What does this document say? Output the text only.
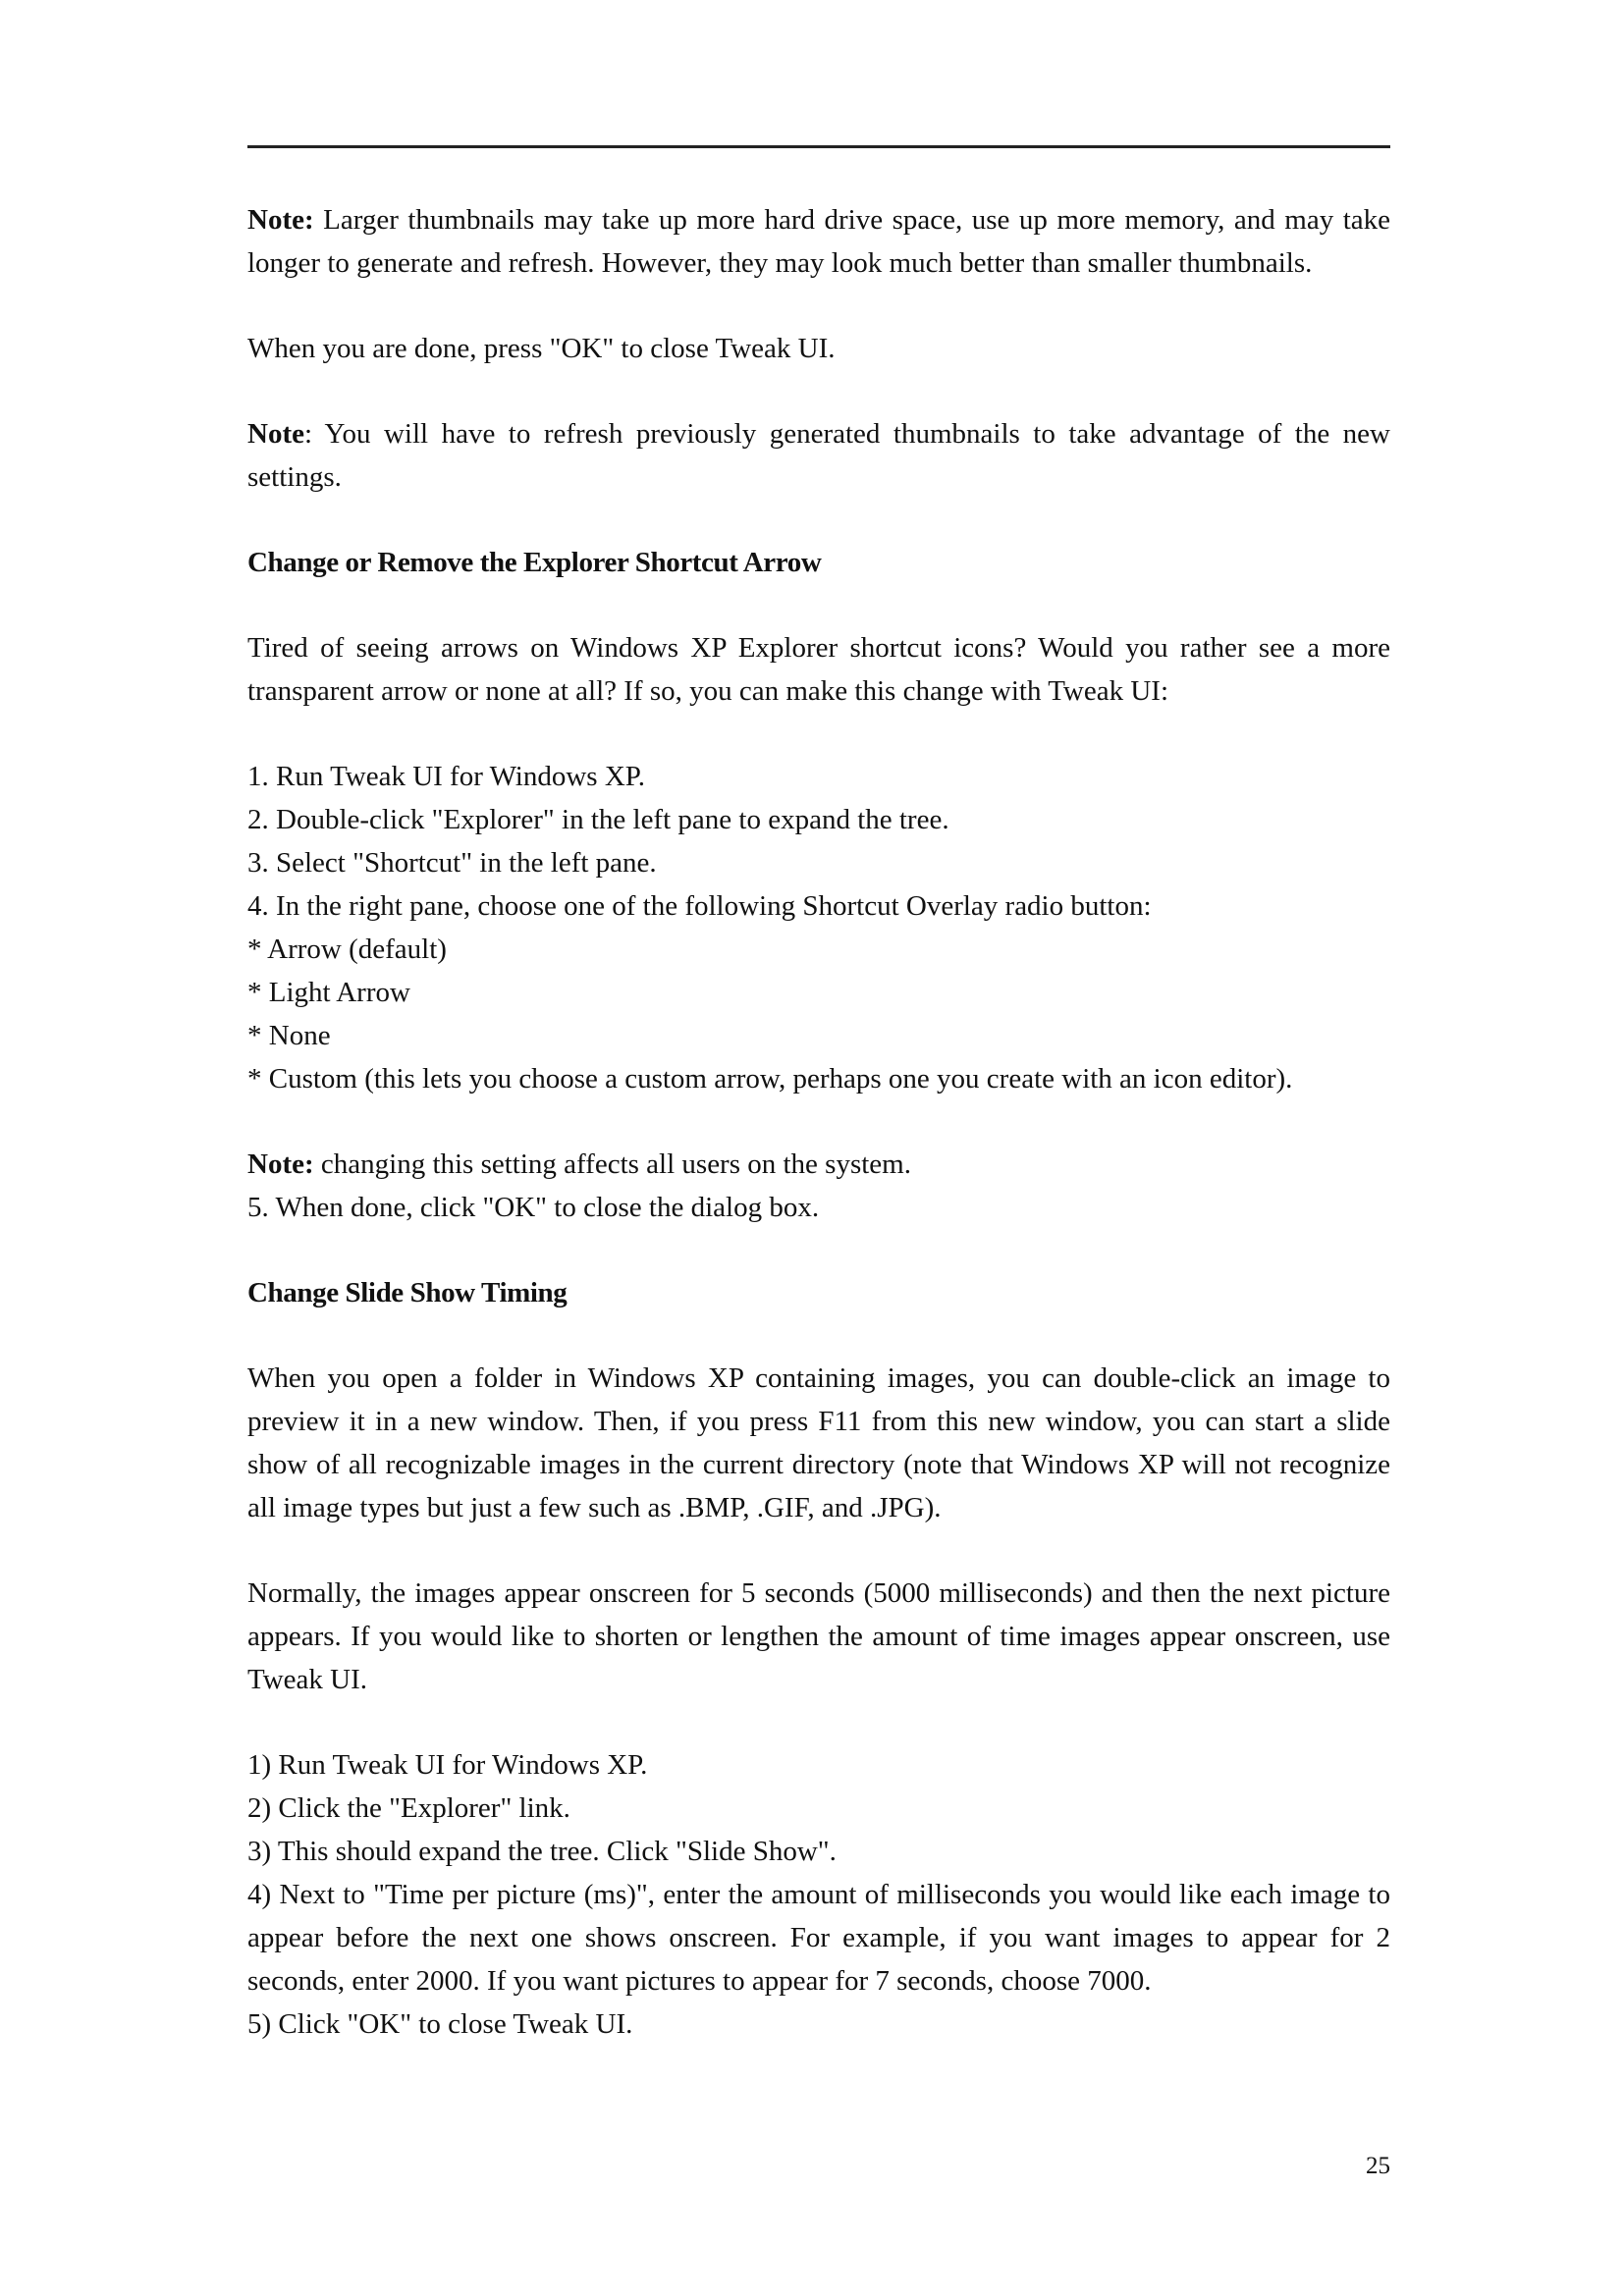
Note: Larger thumbnails may take up more hard drive space, use up more memory, and may take longer to generate and refresh. However, they may look much better than smaller thumbnails.

When you are done, press "OK" to close Tweak UI.

Note: You will have to refresh previously generated thumbnails to take advantage of the new settings.

Change or Remove the Explorer Shortcut Arrow

Tired of seeing arrows on Windows XP Explorer shortcut icons? Would you rather see a more transparent arrow or none at all? If so, you can make this change with Tweak UI:

1. Run Tweak UI for Windows XP.
2. Double-click "Explorer" in the left pane to expand the tree.
3. Select "Shortcut" in the left pane.
4. In the right pane, choose one of the following Shortcut Overlay radio button:
* Arrow (default)
* Light Arrow
* None
* Custom (this lets you choose a custom arrow, perhaps one you create with an icon editor).
Note: changing this setting affects all users on the system.
5. When done, click "OK" to close the dialog box.
Change Slide Show Timing

When you open a folder in Windows XP containing images, you can double-click an image to preview it in a new window. Then, if you press F11 from this new window, you can start a slide show of all recognizable images in the current directory (note that Windows XP will not recognize all image types but just a few such as .BMP, .GIF, and .JPG).

Normally, the images appear onscreen for 5 seconds (5000 milliseconds) and then the next picture appears. If you would like to shorten or lengthen the amount of time images appear onscreen, use Tweak UI.

1) Run Tweak UI for Windows XP.
2) Click the "Explorer" link.
3) This should expand the tree. Click "Slide Show".
4) Next to "Time per picture (ms)", enter the amount of milliseconds you would like each image to appear before the next one shows onscreen. For example, if you want images to appear for 2 seconds, enter 2000. If you want pictures to appear for 7 seconds, choose 7000.
5) Click "OK" to close Tweak UI.
25
